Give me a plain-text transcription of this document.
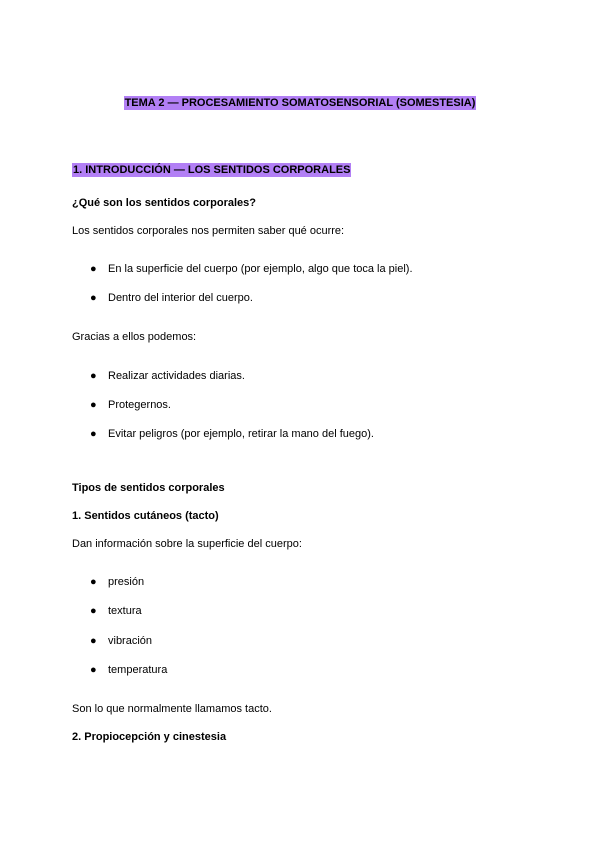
TEMA 2 — PROCESAMIENTO SOMATOSENSORIAL (SOMESTESIA)
1. INTRODUCCIÓN — LOS SENTIDOS CORPORALES
¿Qué son los sentidos corporales?
Los sentidos corporales nos permiten saber qué ocurre:
● En la superficie del cuerpo (por ejemplo, algo que toca la piel).
● Dentro del interior del cuerpo.
Gracias a ellos podemos:
● Realizar actividades diarias.
● Protegernos.
● Evitar peligros (por ejemplo, retirar la mano del fuego).
Tipos de sentidos corporales
1. Sentidos cutáneos (tacto)
Dan información sobre la superficie del cuerpo:
● presión
● textura
● vibración
● temperatura
Son lo que normalmente llamamos tacto.
2. Propiocepción y cinestesia
